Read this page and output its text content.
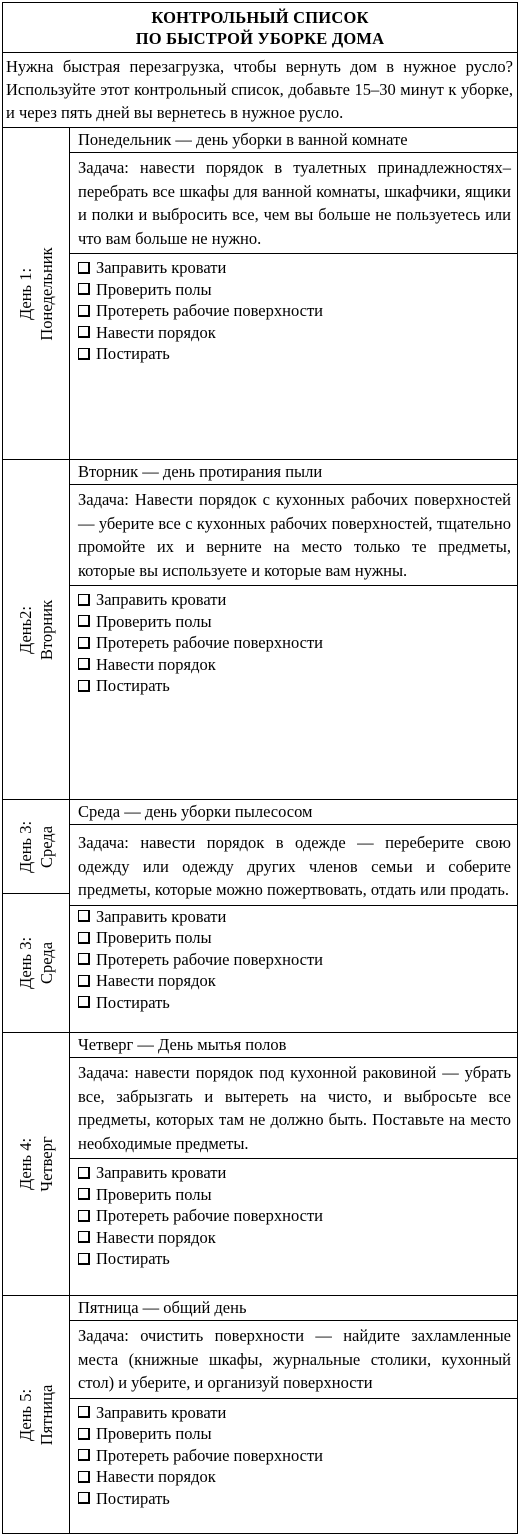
КОНТРОЛЬНЫЙ СПИСОК
ПО БЫСТРОЙ УБОРКЕ ДОМА
Нужна быстрая перезагрузка, чтобы вернуть дом в нужное русло? Используйте этот контрольный список, добавьте 15–30 минут к уборке, и через пять дней вы вернетесь в нужное русло.
День 1: Понедельник
Понедельник — день уборки в ванной комнате
Задача: навести порядок в туалетных принадлежностях– перебрать все шкафы для ванной комнаты, шкафчики, ящики и полки и выбросить все, чем вы больше не пользуетесь или что вам больше не нужно.
Заправить кровати
Проверить полы
Протереть рабочие поверхности
Навести порядок
Постирать
День2: Вторник
Вторник — день протирания пыли
Задача: Навести порядок с кухонных рабочих поверхностей — уберите все с кухонных рабочих поверхностей, тщательно промойте их и верните на место только те предметы, которые вы используете и которые вам нужны.
Заправить кровати
Проверить полы
Протереть рабочие поверхности
Навести порядок
Постирать
День 3: Среда
День 3: Среда
Среда — день уборки пылесосом
Задача: навести порядок в одежде — переберите свою одежду или одежду других членов семьи и соберите предметы, которые можно пожертвовать, отдать или продать.
Заправить кровати
Проверить полы
Протереть рабочие поверхности
Навести порядок
Постирать
День 4: Четверг
Четверг — День мытья полов
Задача: навести порядок под кухонной раковиной — убрать все, забрызгать и вытереть на чисто, и выбросьте все предметы, которых там не должно быть. Поставьте на место необходимые предметы.
Заправить кровати
Проверить полы
Протереть рабочие поверхности
Навести порядок
Постирать
День 5: Пятница
Пятница — общий день
Задача: очистить поверхности — найдите захламленные места (книжные шкафы, журнальные столики, кухонный стол) и уберите, и организуй поверхности
Заправить кровати
Проверить полы
Протереть рабочие поверхности
Навести порядок
Постирать
